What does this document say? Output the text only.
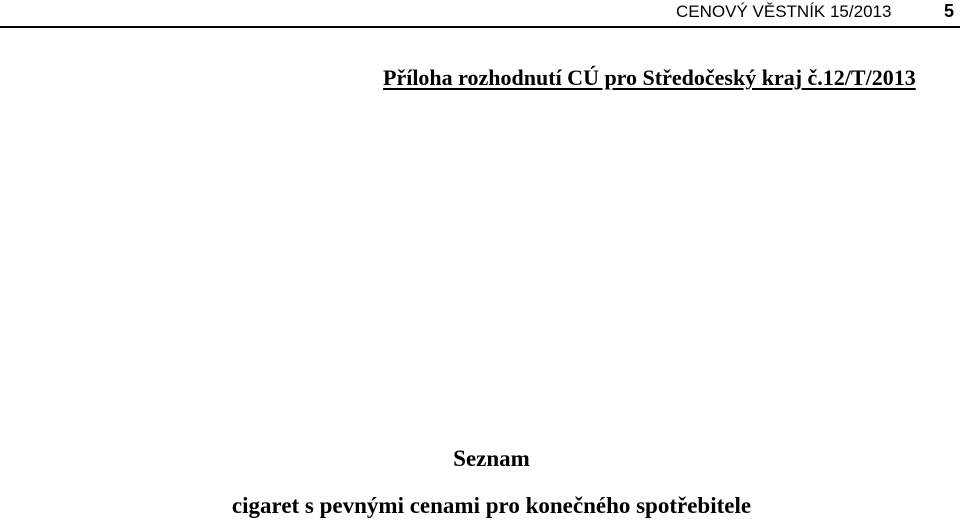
CENOVÝ VĚSTNÍK 15/2013	5
Příloha rozhodnutí CÚ pro Středočeský kraj č.12/T/2013
Seznam
cigaret s pevnými cenami pro konečného spotřebitele
